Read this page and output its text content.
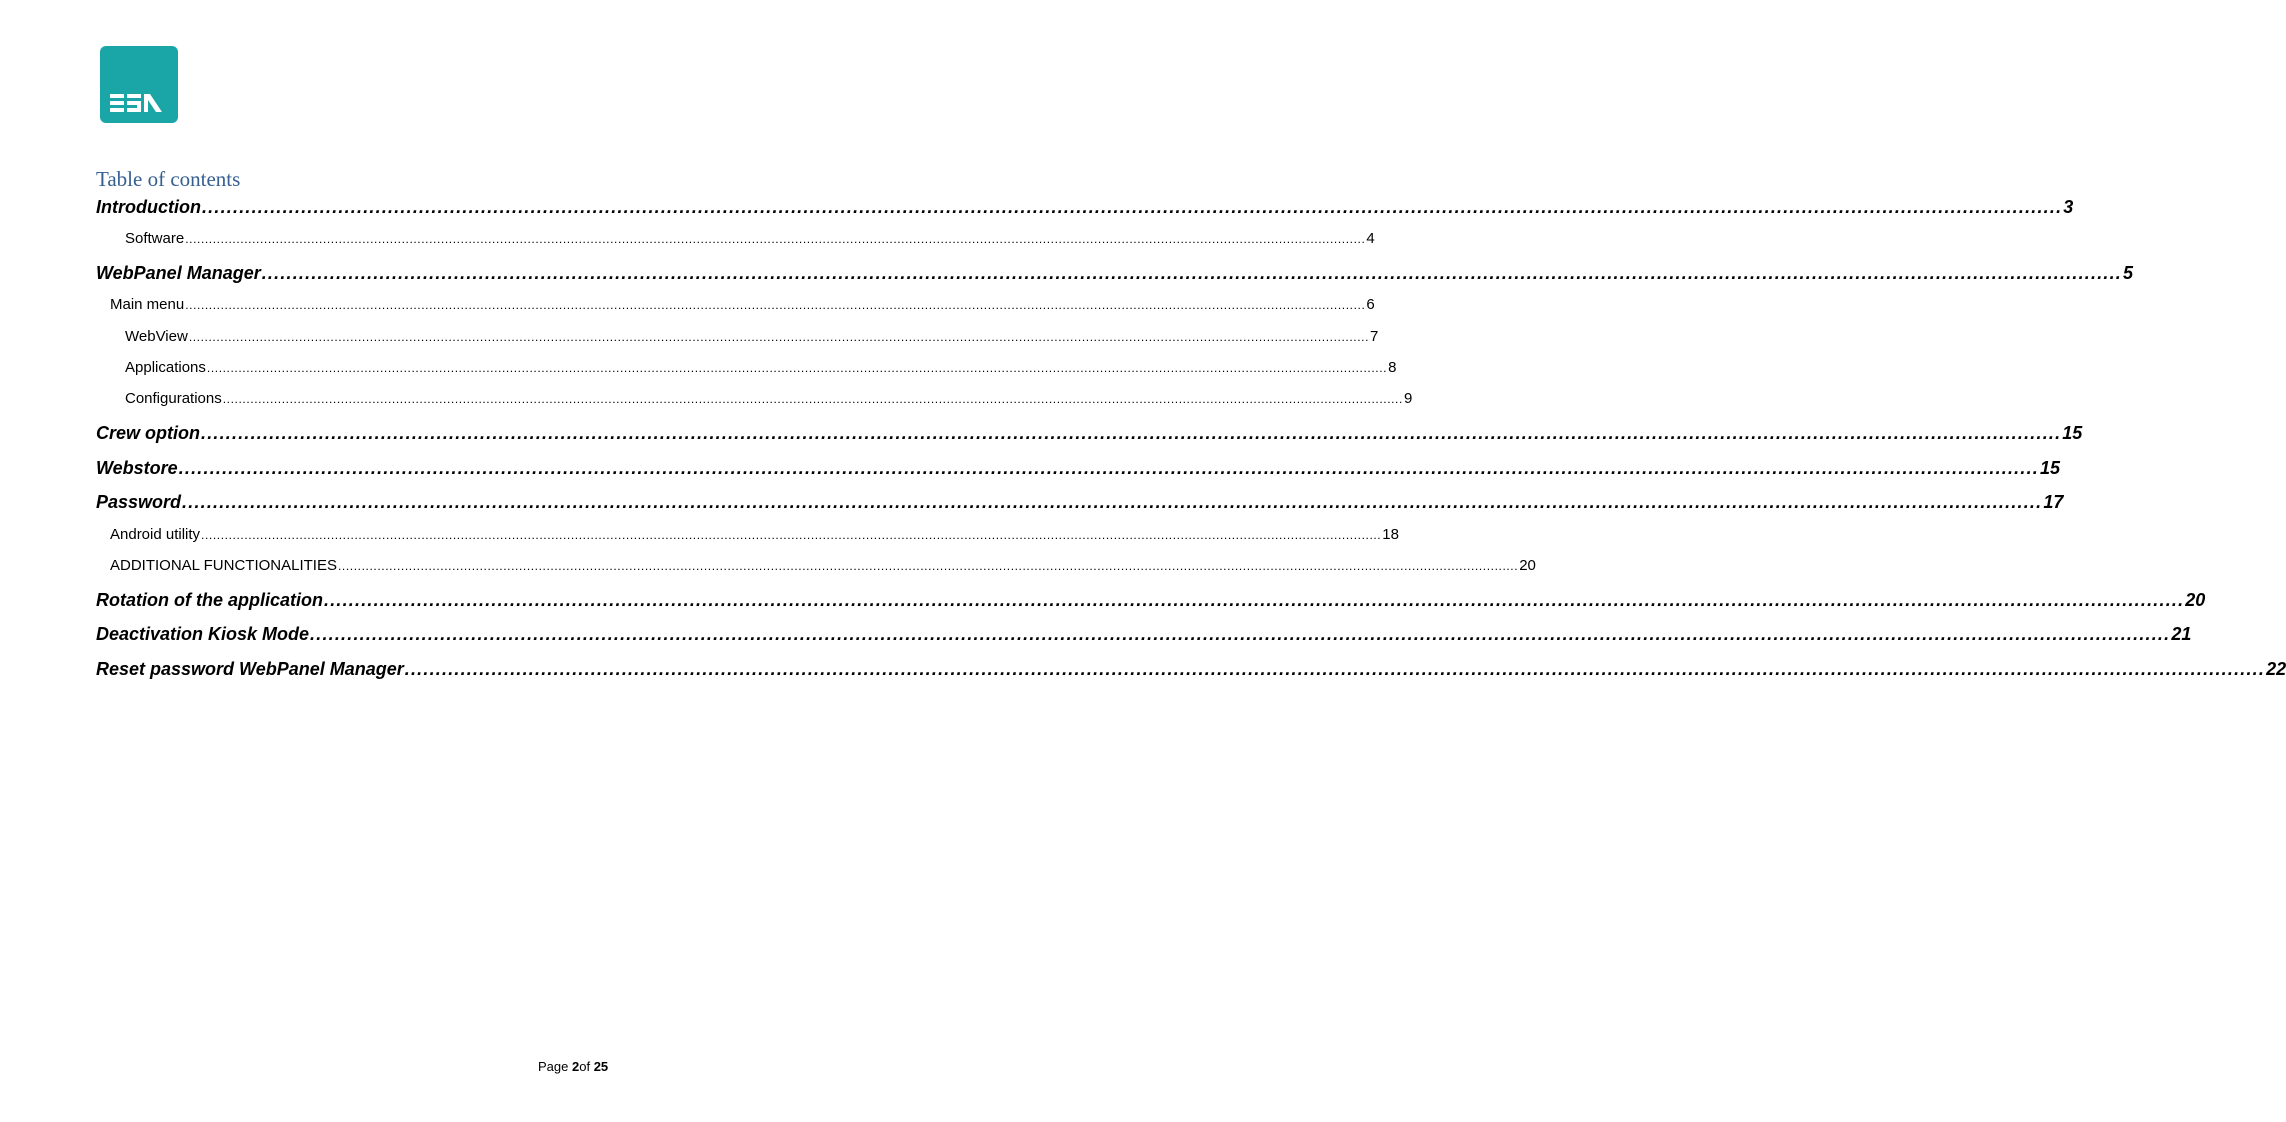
Table of contents
Introduction ............................................................................................................................................................................................................................................................................................................ 3
Software ............................................................................................................................................................................................................................................................................................................ 4
WebPanel Manager ............................................................................................................................................................................................................................................................................................................ 5
Main menu ............................................................................................................................................................................................................................................................................................................ 6
WebView ............................................................................................................................................................................................................................................................................................................ 7
Applications ............................................................................................................................................................................................................................................................................................................ 8
Configurations ............................................................................................................................................................................................................................................................................................................ 9
Crew option ............................................................................................................................................................................................................................................................................................................ 15
Webstore ............................................................................................................................................................................................................................................................................................................ 15
Password ............................................................................................................................................................................................................................................................................................................ 17
Android utility ............................................................................................................................................................................................................................................................................................................ 18
ADDITIONAL FUNCTIONALITIES ............................................................................................................................................................................................................................................................................................................ 20
Rotation of the application ............................................................................................................................................................................................................................................................................................................ 20
Deactivation Kiosk Mode ............................................................................................................................................................................................................................................................................................................ 21
Reset password WebPanel Manager ............................................................................................................................................................................................................................................................................................................ 22
Page 2of 25
